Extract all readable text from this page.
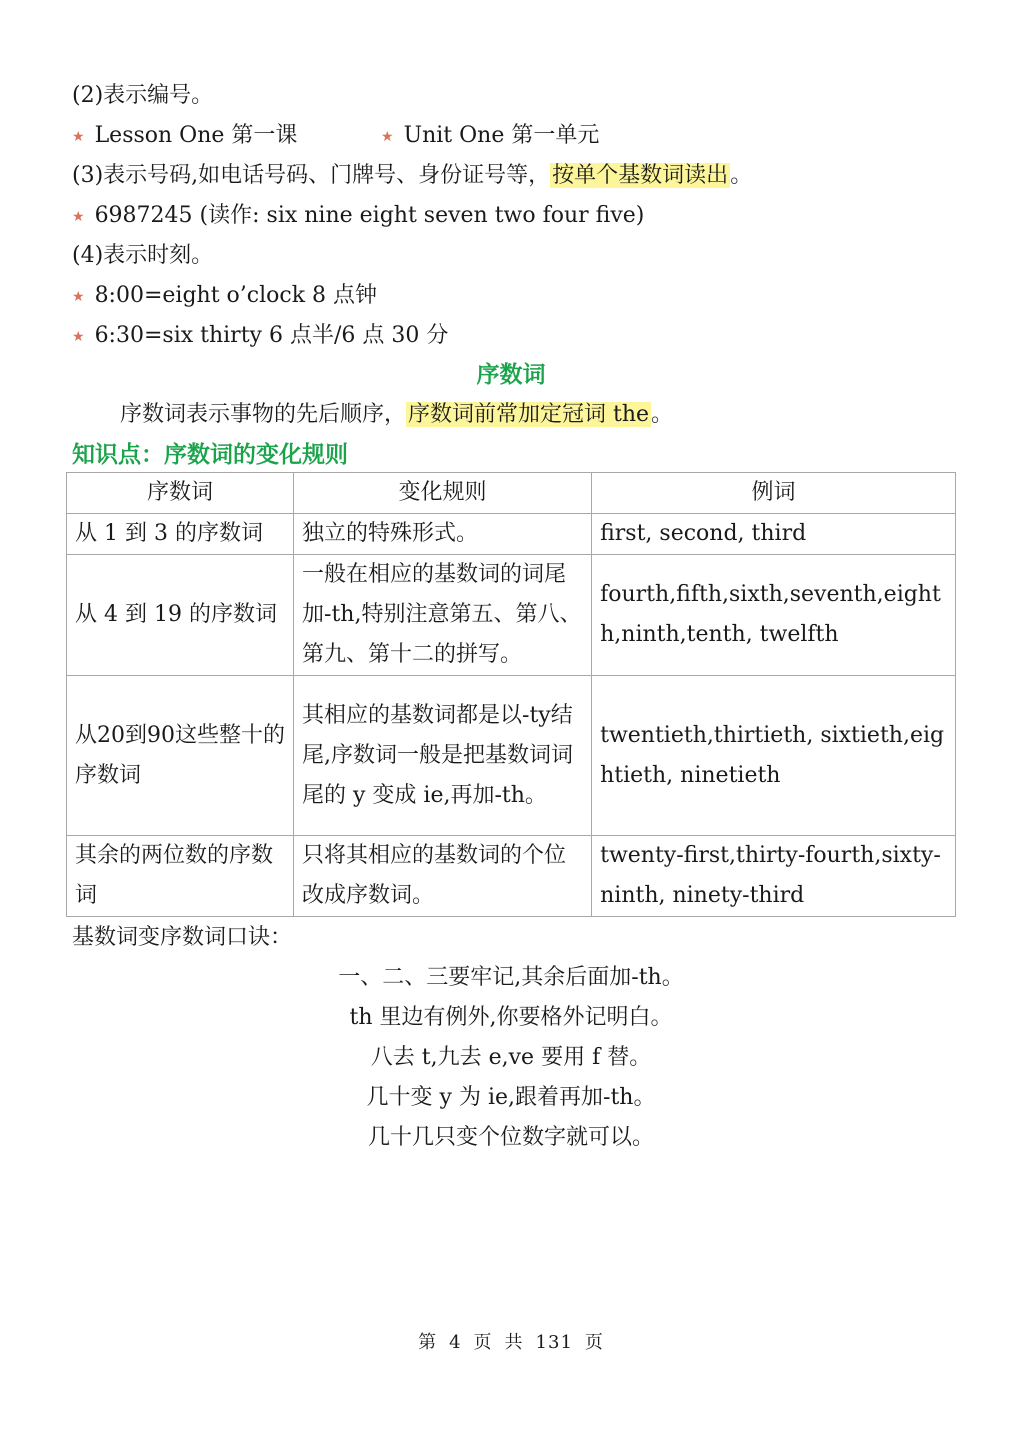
(2)表示编号。
★ Lesson One 第一课	★ Unit One 第一单元
(3)表示号码,如电话号码、门牌号、身份证号等，按单个基数词读出。
★ 6987245 (读作: six nine eight seven two four five)
(4)表示时刻。
★ 8:00=eight o’clock 8 点钟
★ 6:30=six thirty 6 点半/6 点 30 分
序数词
序数词表示事物的先后顺序，序数词前常加定冠词 the。
知识点：序数词的变化规则
序数词	变化规则	例词
从 1 到 3 的序数词	独立的特殊形式。	first, second, third
从 4 到 19 的序数词	一般在相应的基数词的词尾加-th,特别注意第五、第八、第九、第十二的拼写。	fourth,fifth,sixth,seventh,eighth,ninth,tenth, twelfth
从20到90这些整十的序数词	其相应的基数词都是以-ty结尾,序数词一般是把基数词词尾的 y 变成 ie,再加-th。	twentieth,thirtieth, sixtieth,eightieth, ninetieth
其余的两位数的序数词	只将其相应的基数词的个位改成序数词。	twenty-first,thirty-fourth,sixty-ninth, ninety-third
基数词变序数词口诀：
一、二、三要牢记,其余后面加-th。
th 里边有例外,你要格外记明白。
八去 t,九去 e,ve 要用 f 替。
几十变 y 为 ie,跟着再加-th。
几十几只变个位数字就可以。
第 4 页 共 131 页
